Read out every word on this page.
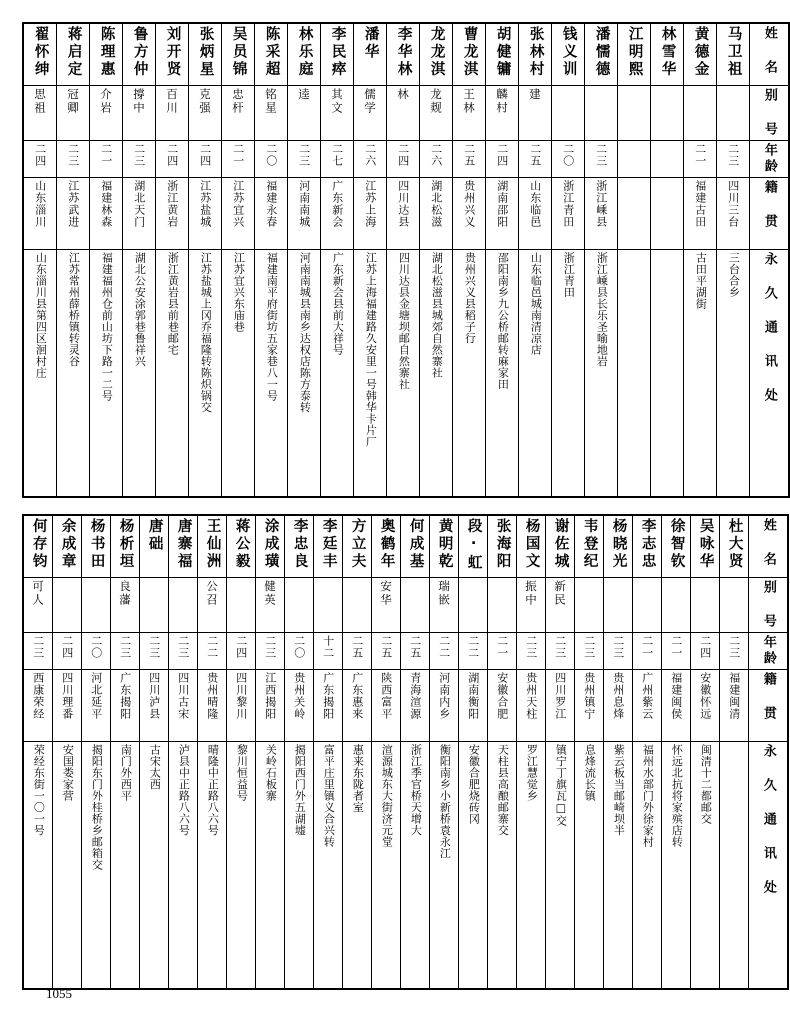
翟怀绅	蒋启定	陈理惠	鲁方仲	刘开贤	张炳星	吴员锦	陈采超	林乐庭	李民瘁	潘华	李华林	龙龙淇	曹龙淇	胡健镛	张林村	钱义训	潘懦德	江明熙	林雪华	黄德金	马卫祖	姓 名

思祖	冠卿	介岩	撐中	百川	克强	忠杆	铭星	逵	其文	儒学	林	龙觌	王林	麟村	建							别 号

二四	二三	二一	二三	二四	二四	二一	二〇	二三	二七	二六	二四	二六	二五	二四	二五	二〇	二三			二一	二三	年龄

山东淄川	江苏武进	福建林森	湖北天门	浙江黄岩	江苏盐城	江苏宜兴	福建永春	河南南城	广东新会	江苏上海	四川达县	湖北松滋	贵州兴义	湖南邵阳	山东临邑	浙江青田	浙江嵊县			福建古田	四川三台	籍 贯

山东淄川县第四区洄村庄	江苏常州薛桥镇转灵谷	福建福州仓前山坊下路一二号	湖北公安涂郭巷鲁祥兴	浙江黄岩县前巷邮宅	江苏盐城上冈乔福隆转陈炽锅交	江苏宜兴东庙巷	福建南平府街坊五家巷八一号	河南南城县南乡达权店陈方泰转	广东新会县前大祥号	江苏上海福建路久安里一号韩华卡片厂	四川达县金塘坝邮自然寨社	湖北松滋县城郊自然寨社	贵州兴义县稻子行	邵阳南乡九公桥邮转麻家田	山东临邑城南清凉店	浙江青田	浙江嵊县长乐圣喻地岩			古田平湖街	三台合乡	永 久 通 讯 处
何存钧	余成章	杨书田	杨析垣	唐础	唐寨福	王仙洲	蒋公毅	涂成璜	李忠良	李廷丰	方立夫	奥鹤年	何成基	黄明乾	段·虹	张海阳	杨国文	谢佐城	韦登纪	杨晓光	李志忠	徐智钦	吴咏华	杜大贤	姓 名

可人			良藩			公召		健英				安华		瑞嵌			振中	新民							别 号

二三	二四	二〇	二三	二三	二三	二二	二四	二三	二〇	十二	二五	二五	二五	二二	二二	二一	二三	二三	二三	二三	二一	二一	二四	二三	年龄

西康荣经	四川理番	河北延平	广东揭阳	四川泸县	四川古宋	贵州晴隆	四川黎川	江西揭阳	贵州关岭	广东揭阳	广东惠来	陕西富平	青海渲源	河南内乡	湖南衡阳	安徽合肥	贵州天柱	四川罗江	贵州镇宁	贵州息烽	广州紫云	福建闽侯	安徽怀远	福建闽清	籍 贯

荣经东街一〇一号	安国娄家营	揭阳东门外桂桥乡邮箱交	南门外西平	古宋太西	泸县中正路八六号	晴隆中正路八六号	黎川恒益号	关岭石板寨	揭阳西门外五湖墟	富平庄里镇义合兴转	惠来东陇者室	渲源城东大街济元堂	浙江季官桥天增大	衡阳南乡小新桥袁永江	安徽合肥烧砖冈	天柱县高酿邮寨交	罗江慧觉乡	镇宁丁旗瓦□交	息烽流长镇	紫云板当邮崎坝半	福州水部门外徐家村	怀远北抗将家殡店转	闽清十二都邮交		永 久 通 讯 处
1055
